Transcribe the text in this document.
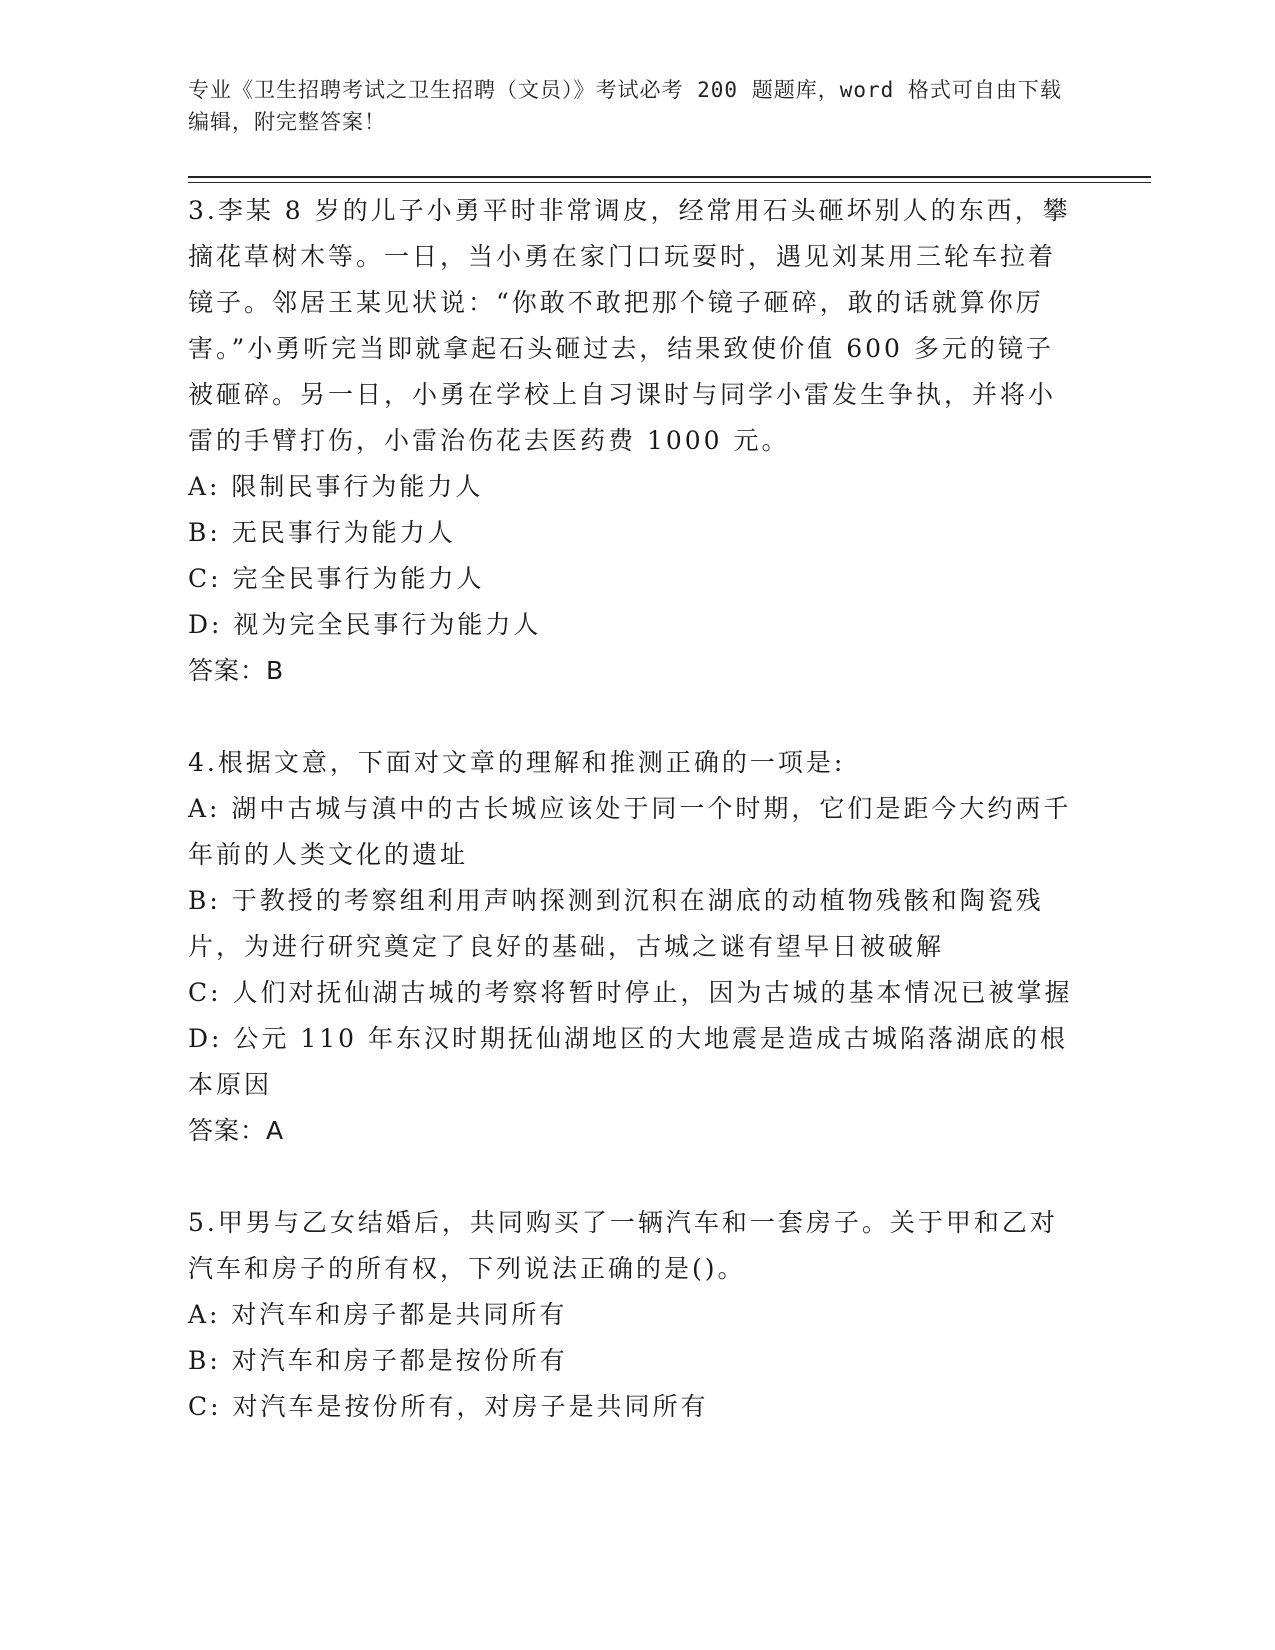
专业《卫生招聘考试之卫生招聘（文员）》考试必考 200 题题库，word 格式可自由下载编辑，附完整答案！

3.李某 8 岁的儿子小勇平时非常调皮，经常用石头砸坏别人的东西，攀摘花草树木等。一日，当小勇在家门口玩耍时，遇见刘某用三轮车拉着镜子。邻居王某见状说：“你敢不敢把那个镜子砸碎，敢的话就算你厉害。”小勇听完当即就拿起石头砸过去，结果致使价值 600 多元的镜子被砸碎。另一日，小勇在学校上自习课时与同学小雷发生争执，并将小雷的手臂打伤，小雷治伤花去医药费 1000 元。

A: 限制民事行为能力人

B: 无民事行为能力人

C: 完全民事行为能力人

D: 视为完全民事行为能力人

答案：B

4.根据文意，下面对文章的理解和推测正确的一项是:

A: 湖中古城与滇中的古长城应该处于同一个时期，它们是距今大约两千年前的人类文化的遗址

B: 于教授的考察组利用声呐探测到沉积在湖底的动植物残骸和陶瓷残片，为进行研究奠定了良好的基础，古城之谜有望早日被破解

C: 人们对抚仙湖古城的考察将暂时停止，因为古城的基本情况已被掌握

D: 公元 110 年东汉时期抚仙湖地区的大地震是造成古城陷落湖底的根本原因

答案：A

5.甲男与乙女结婚后，共同购买了一辆汽车和一套房子。关于甲和乙对汽车和房子的所有权，下列说法正确的是()。

A: 对汽车和房子都是共同所有

B: 对汽车和房子都是按份所有

C: 对汽车是按份所有，对房子是共同所有
